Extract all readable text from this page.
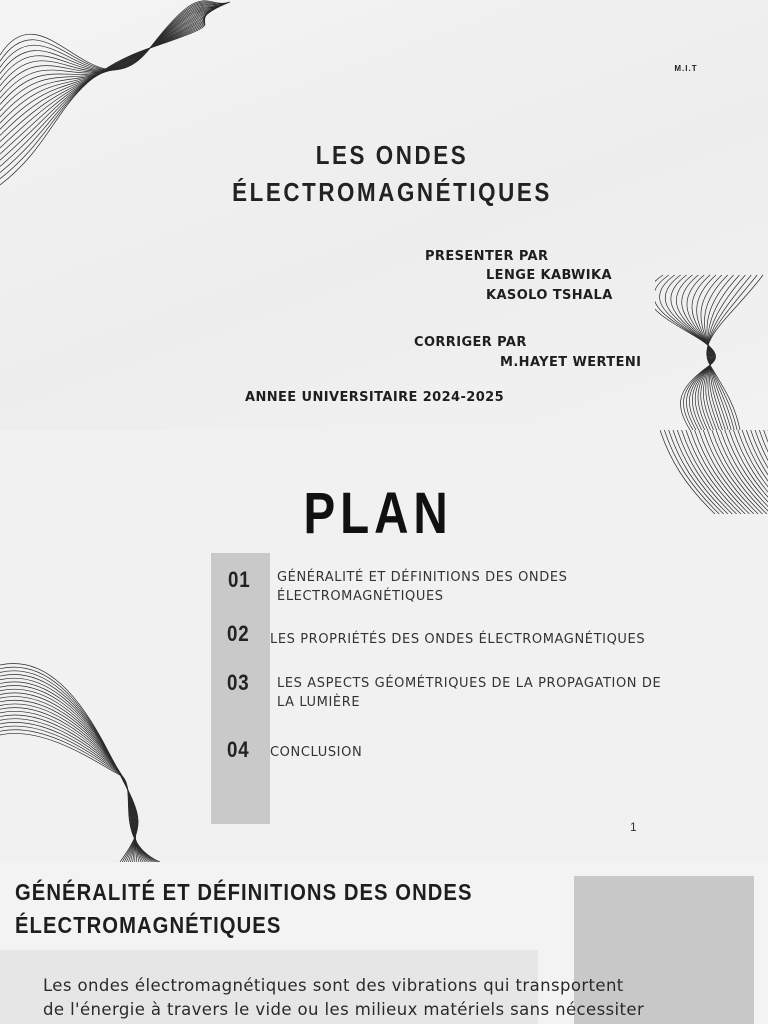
M.I.T
LES ONDES
ÉLECTROMAGNÉTIQUES
PRESENTER PAR
LENGE KABWIKA
KASOLO TSHALA
CORRIGER PAR
M.HAYET WERTENI
ANNEE UNIVERSITAIRE 2024-2025
PLAN
01 GÉNÉRALITÉ ET DÉFINITIONS DES ONDES
ÉLECTROMAGNÉTIQUES
02 LES PROPRIÉTÉS DES ONDES ÉLECTROMAGNÉTIQUES
03 LES ASPECTS GÉOMÉTRIQUES DE LA PROPAGATION DE
LA LUMIÈRE
04 CONCLUSION
1
GÉNÉRALITÉ ET DÉFINITIONS DES ONDES
ÉLECTROMAGNÉTIQUES
Les ondes électromagnétiques sont des vibrations qui transportent
de l'énergie à travers le vide ou les milieux matériels sans nécessiter
